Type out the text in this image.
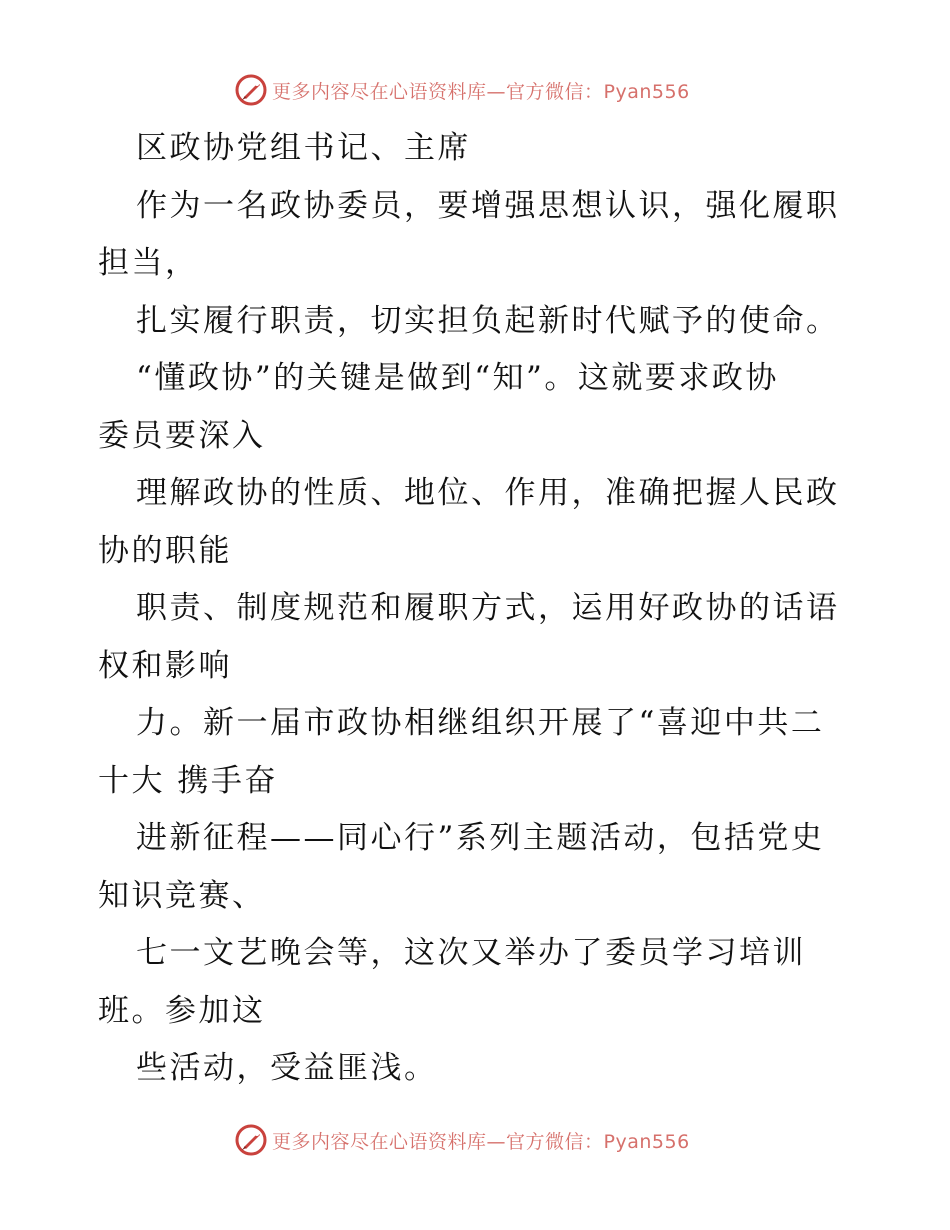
更多内容尽在心语资料库—官方微信：Pyan556
区政协党组书记、主席
作为一名政协委员，要增强思想认识，强化履职
担当，
扎实履行职责，切实担负起新时代赋予的使命。
“懂政协”的关键是做到“知”。这就要求政协
委员要深入
理解政协的性质、地位、作用，准确把握人民政
协的职能
职责、制度规范和履职方式，运用好政协的话语
权和影响
力。新一届市政协相继组织开展了“喜迎中共二
十大 携手奋
进新征程——同心行”系列主题活动，包括党史
知识竞赛、
七一文艺晚会等，这次又举办了委员学习培训
班。参加这
些活动，受益匪浅。
更多内容尽在心语资料库—官方微信：Pyan556
